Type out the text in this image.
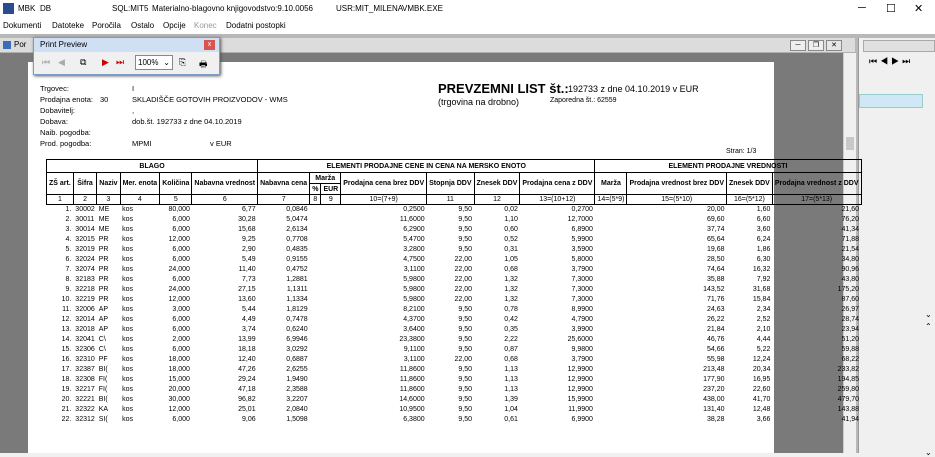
MBK DB	SQL:MIT5 Materialno-blagovno knjigovodstvo:9.10.0056	USR:MIT_MILENA
VMBK.EXE	─ ☐ ✕
Dokumenti Datoteke Poročila Ostalo Opcije Konec Dodatni postopki
Por	─	❐	✕
⏮◀▶⏭
⌄
⌃
⌄
Trgovec:	I
Prodajna enota: 30	SKLADIŠČE GOTOVIH PROIZVODOV - WMS
Dobavitelj:	,
Dobava:	dob.št. 192733 z dne 04.10.2019
Naib. pogodba:
Prod. pogodba:	MPMI	v EUR
PREVZEMNI LIST št.: 192733 z dne 04.10.2019 v EUR
(trgovina na drobno)	Zaporedna št.: 62559
Stran: 1/3
BLAGO						ELEMENTI PRODAJNE CENE IN CENA NA MERSKO ENOTO							ELEMENTI PRODAJNE VREDNOSTI			
ZŠ art.	Šifra	Naziv	Mer. enota	Količina	Nabavna vrednost	Nabavna cena	Marža		Prodajna cena brez DDV	Stopnja DDV	Znesek DDV	Prodajna cena z DDV	Marža	Prodajna vrednost brez DDV	Znesek DDV	Prodajna vrednost z DDV
							%	EUR								
1	2	3	4	5	6	7	8	9	10=(7+9)	11	12	13=(10+12)	14=(5*9)	15=(5*10)	16=(5*12)	17=(5*13)
1.	30002	ME	kos	80,000	6,77	0,0846			0,2500	9,50	0,02	0,2700		20,00	1,60	21,60
2.	30011	ME	kos	6,000	30,28	5,0474			11,6000	9,50	1,10	12,7000		69,60	6,60	76,20
3.	30014	ME	kos	6,000	15,68	2,6134			6,2900	9,50	0,60	6,8900		37,74	3,60	41,34
4.	32015	PR	kos	12,000	9,25	0,7708			5,4700	9,50	0,52	5,9900		65,64	6,24	71,88
5.	32019	PR	kos	6,000	2,90	0,4835			3,2800	9,50	0,31	3,5900		19,68	1,86	21,54
6.	32024	PR	kos	6,000	5,49	0,9155			4,7500	22,00	1,05	5,8000		28,50	6,30	34,80
7.	32074	PR	kos	24,000	11,40	0,4752			3,1100	22,00	0,68	3,7900		74,64	16,32	90,96
8.	32183	PR	kos	6,000	7,73	1,2881			5,9800	22,00	1,32	7,3000		35,88	7,92	43,80
9.	32218	PR	kos	24,000	27,15	1,1311			5,9800	22,00	1,32	7,3000		143,52	31,68	175,20
10.	32219	PR	kos	12,000	13,60	1,1334			5,9800	22,00	1,32	7,3000		71,76	15,84	87,60
11.	32006	AP	kos	3,000	5,44	1,8129			8,2100	9,50	0,78	8,9900		24,63	2,34	26,97
12.	32014	AP	kos	6,000	4,49	0,7478			4,3700	9,50	0,42	4,7900		26,22	2,52	28,74
13.	32018	AP	kos	6,000	3,74	0,6240			3,6400	9,50	0,35	3,9900		21,84	2,10	23,94
14.	32041	C\	kos	2,000	13,99	6,9946			23,3800	9,50	2,22	25,6000		46,76	4,44	51,20
15.	32306	C\	kos	6,000	18,18	3,0292			9,1100	9,50	0,87	9,9800		54,66	5,22	59,88
16.	32310	PF	kos	18,000	12,40	0,6887			3,1100	22,00	0,68	3,7900		55,98	12,24	68,22
17.	32387	BI(	kos	18,000	47,26	2,6255			11,8600	9,50	1,13	12,9900		213,48	20,34	233,82
18.	32308	FI(	kos	15,000	29,24	1,9490			11,8600	9,50	1,13	12,9900		177,90	16,95	194,85
19.	32217	FI(	kos	20,000	47,18	2,3588			11,8600	9,50	1,13	12,9900		237,20	22,60	259,80
20.	32221	BI(	kos	30,000	96,82	3,2207			14,6000	9,50	1,39	15,9900		438,00	41,70	479,70
21.	32322	KA	kos	12,000	25,01	2,0840			10,9500	9,50	1,04	11,9900		131,40	12,48	143,88
22.	32312	SI(	kos	6,000	9,06	1,5098			6,3800	9,50	0,61	6,9900		38,28	3,66	41,94
Print Preview	x
⏮ ◀ ⧉ ▶ ⏭	100% ⌄ ⎘ 🖶
